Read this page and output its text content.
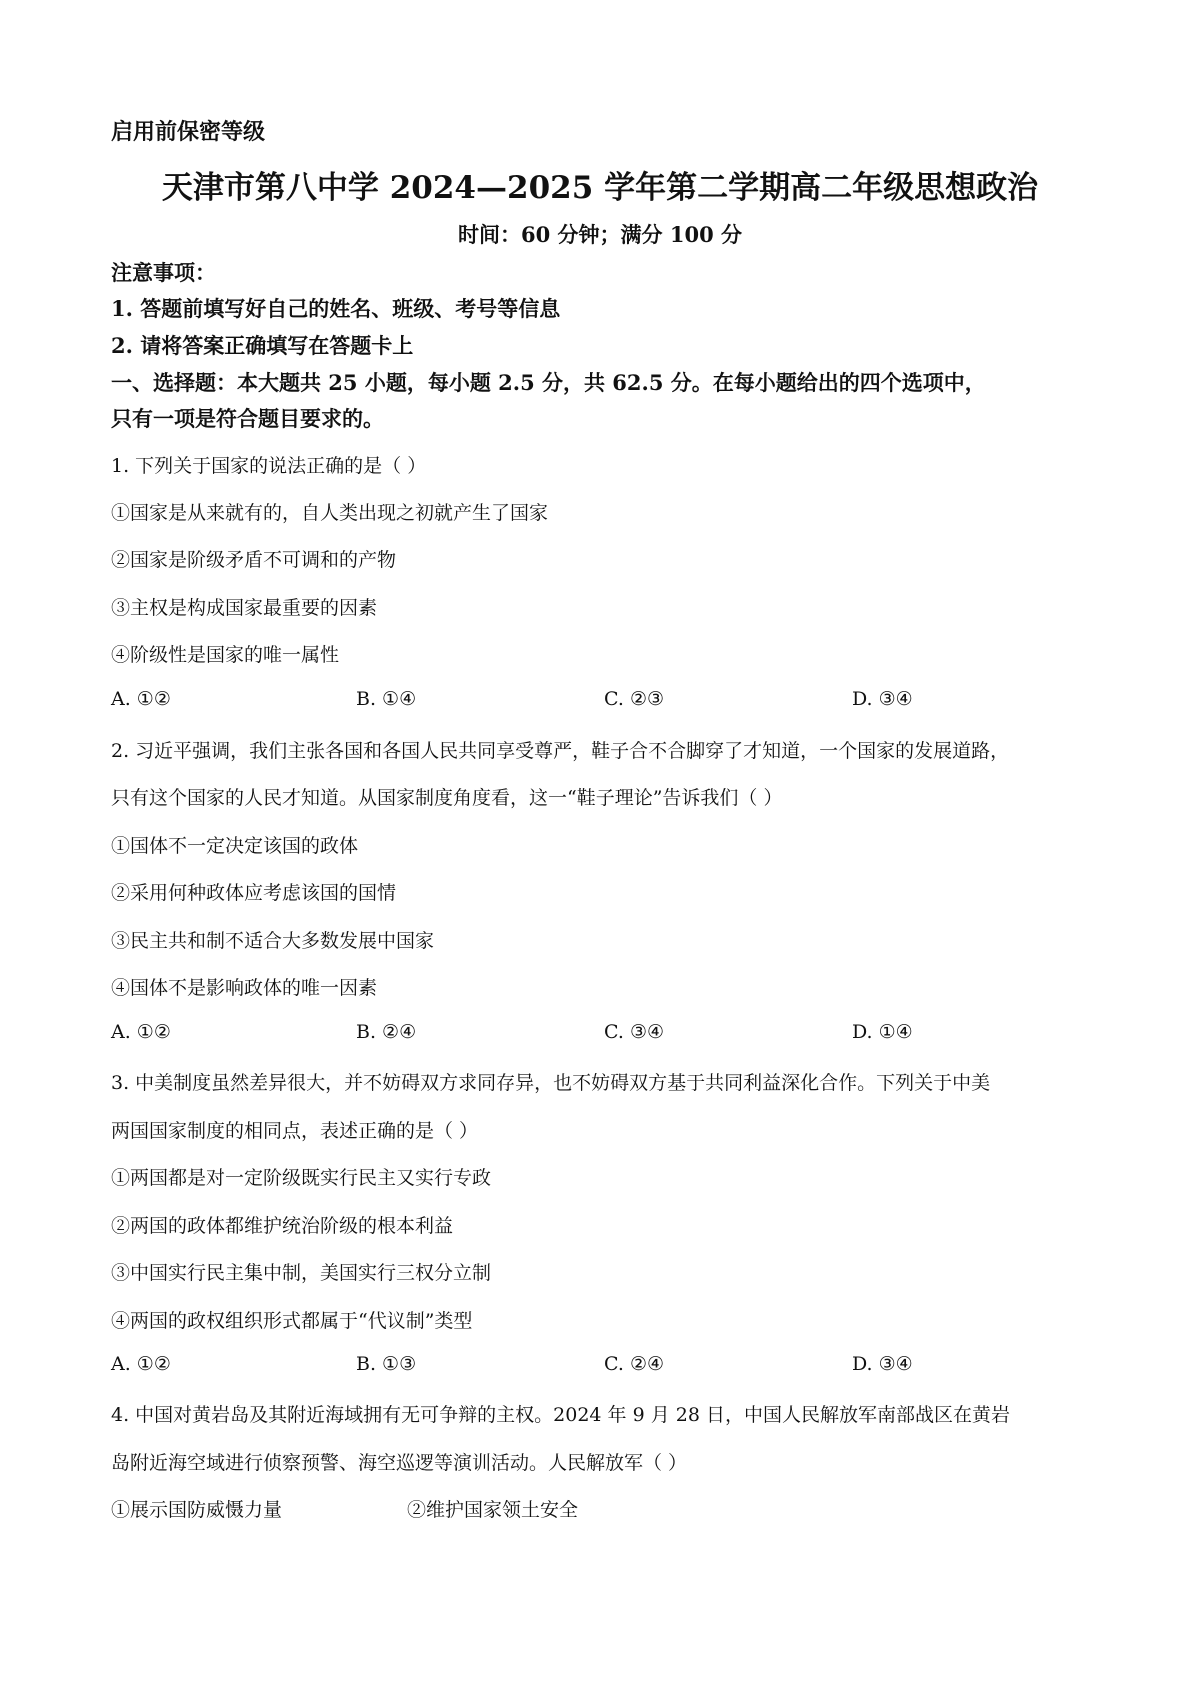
启用前保密等级
天津市第八中学 2024—2025 学年第二学期高二年级思想政治
时间：60 分钟；满分 100 分
注意事项：
1. 答题前填写好自己的姓名、班级、考号等信息
2. 请将答案正确填写在答题卡上
一、选择题：本大题共 25 小题，每小题 2.5 分，共 62.5 分。在每小题给出的四个选项中，
只有一项是符合题目要求的。
1. 下列关于国家的说法正确的是（ ）
①国家是从来就有的，自人类出现之初就产生了国家
②国家是阶级矛盾不可调和的产物
③主权是构成国家最重要的因素
④阶级性是国家的唯一属性
A. ①②	B. ①④	C. ②③	D. ③④
2. 习近平强调，我们主张各国和各国人民共同享受尊严，鞋子合不合脚穿了才知道，一个国家的发展道路，
只有这个国家的人民才知道。从国家制度角度看，这一“鞋子理论”告诉我们（ ）
①国体不一定决定该国的政体
②采用何种政体应考虑该国的国情
③民主共和制不适合大多数发展中国家
④国体不是影响政体的唯一因素
A. ①②	B. ②④	C. ③④	D. ①④
3. 中美制度虽然差异很大，并不妨碍双方求同存异，也不妨碍双方基于共同利益深化合作。下列关于中美
两国国家制度的相同点，表述正确的是（ ）
①两国都是对一定阶级既实行民主又实行专政
②两国的政体都维护统治阶级的根本利益
③中国实行民主集中制，美国实行三权分立制
④两国的政权组织形式都属于“代议制”类型
A. ①②	B. ①③	C. ②④	D. ③④
4. 中国对黄岩岛及其附近海域拥有无可争辩的主权。2024 年 9 月 28 日，中国人民解放军南部战区在黄岩
岛附近海空域进行侦察预警、海空巡逻等演训活动。人民解放军（ ）
①展示国防威慑力量	②维护国家领土安全
